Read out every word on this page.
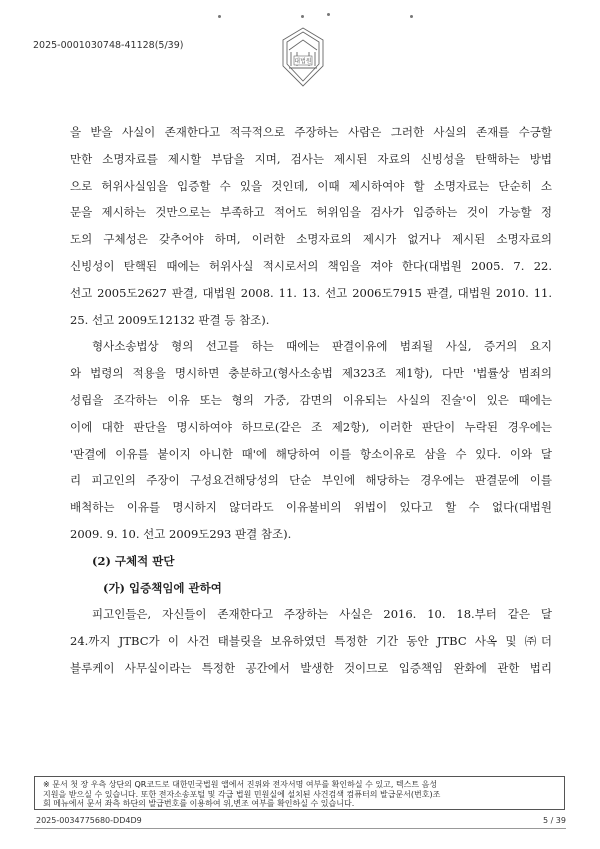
2025-0001030748-41128(5/39)
대법원
을 받을 사실이 존재한다고 적극적으로 주장하는 사람은 그러한 사실의 존재를 수긍할
만한 소명자료를 제시할 부담을 지며, 검사는 제시된 자료의 신빙성을 탄핵하는 방법
으로 허위사실임을 입증할 수 있을 것인데, 이때 제시하여야 할 소명자료는 단순히 소
문을 제시하는 것만으로는 부족하고 적어도 허위임을 검사가 입증하는 것이 가능할 정
도의 구체성은 갖추어야 하며, 이러한 소명자료의 제시가 없거나 제시된 소명자료의
신빙성이 탄핵된 때에는 허위사실 적시로서의 책임을 져야 한다(대법원 2005. 7. 22.
선고 2005도2627 판결, 대법원 2008. 11. 13. 선고 2006도7915 판결, 대법원 2010. 11.
25. 선고 2009도12132 판결 등 참조).
형사소송법상 형의 선고를 하는 때에는 판결이유에 범죄될 사실, 증거의 요지
와 법령의 적용을 명시하면 충분하고(형사소송법 제323조 제1항), 다만 '법률상 범죄의
성립을 조각하는 이유 또는 형의 가중, 감면의 이유되는 사실의 진술'이 있은 때에는
이에 대한 판단을 명시하여야 하므로(같은 조 제2항), 이러한 판단이 누락된 경우에는
'판결에 이유를 붙이지 아니한 때'에 해당하여 이를 항소이유로 삼을 수 있다. 이와 달
리 피고인의 주장이 구성요건해당성의 단순 부인에 해당하는 경우에는 판결문에 이를
배척하는 이유를 명시하지 않더라도 이유불비의 위법이 있다고 할 수 없다(대법원
2009. 9. 10. 선고 2009도293 판결 참조).
(2) 구체적 판단
(가) 입증책임에 관하여
피고인들은, 자신들이 존재한다고 주장하는 사실은 2016. 10. 18.부터 같은 달
24.까지 JTBC가 이 사건 태블릿을 보유하였던 특정한 기간 동안 JTBC 사옥 및 ㈜더
블루케이 사무실이라는 특정한 공간에서 발생한 것이므로 입증책임 완화에 관한 법리
※ 문서 첫 장 우측 상단의 QR코드로 대한민국법원 앱에서 진위와 전자서명 여부를 확인하실 수 있고, 텍스트 음성
지원을 받으실 수 있습니다. 또한 전자소송포털 및 각급 법원 민원실에 설치된 사건검색 컴퓨터의 발급문서(번호)조
회 메뉴에서 문서 좌측 하단의 발급번호를 이용하여 위,변조 여부를 확인하실 수 있습니다.
2025-0034775680-DD4D9	5 / 39
